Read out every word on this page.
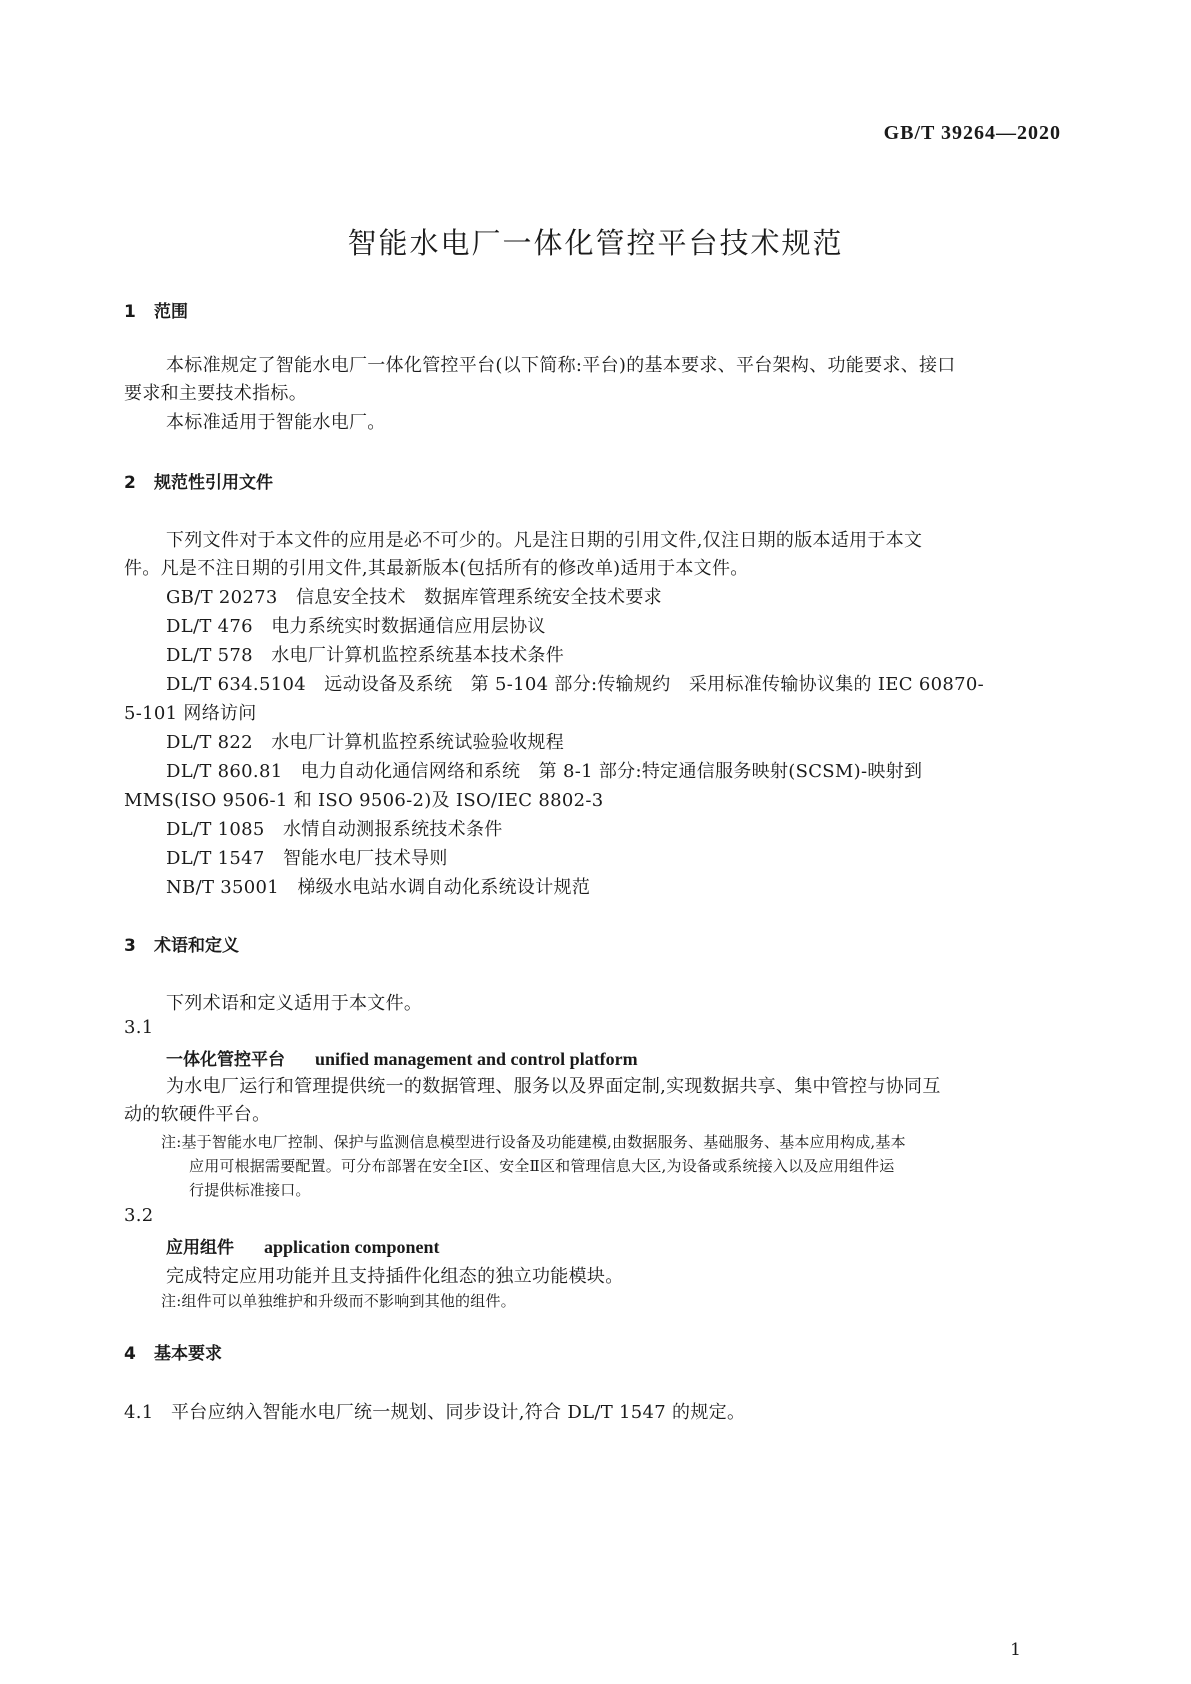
GB/T 39264—2020
智能水电厂一体化管控平台技术规范
1 范围
本标准规定了智能水电厂一体化管控平台(以下简称:平台)的基本要求、平台架构、功能要求、接口
要求和主要技术指标。
本标准适用于智能水电厂。
2 规范性引用文件
下列文件对于本文件的应用是必不可少的。凡是注日期的引用文件,仅注日期的版本适用于本文
件。凡是不注日期的引用文件,其最新版本(包括所有的修改单)适用于本文件。
GB/T 20273　信息安全技术　数据库管理系统安全技术要求
DL/T 476　电力系统实时数据通信应用层协议
DL/T 578　水电厂计算机监控系统基本技术条件
DL/T 634.5104　远动设备及系统　第 5-104 部分:传输规约　采用标准传输协议集的 IEC 60870-
5-101 网络访问
DL/T 822　水电厂计算机监控系统试验验收规程
DL/T 860.81　电力自动化通信网络和系统　第 8-1 部分:特定通信服务映射(SCSM)-映射到
MMS(ISO 9506-1 和 ISO 9506-2)及 ISO/IEC 8802-3
DL/T 1085　水情自动测报系统技术条件
DL/T 1547　智能水电厂技术导则
NB/T 35001　梯级水电站水调自动化系统设计规范
3 术语和定义
下列术语和定义适用于本文件。
3.1
一体化管控平台 unified management and control platform
为水电厂运行和管理提供统一的数据管理、服务以及界面定制,实现数据共享、集中管控与协同互
动的软硬件平台。
注:基于智能水电厂控制、保护与监测信息模型进行设备及功能建模,由数据服务、基础服务、基本应用构成,基本
应用可根据需要配置。可分布部署在安全Ⅰ区、安全Ⅱ区和管理信息大区,为设备或系统接入以及应用组件运
行提供标准接口。
3.2
应用组件 application component
完成特定应用功能并且支持插件化组态的独立功能模块。
注:组件可以单独维护和升级而不影响到其他的组件。
4 基本要求
4.1 平台应纳入智能水电厂统一规划、同步设计,符合 DL/T 1547 的规定。
1
